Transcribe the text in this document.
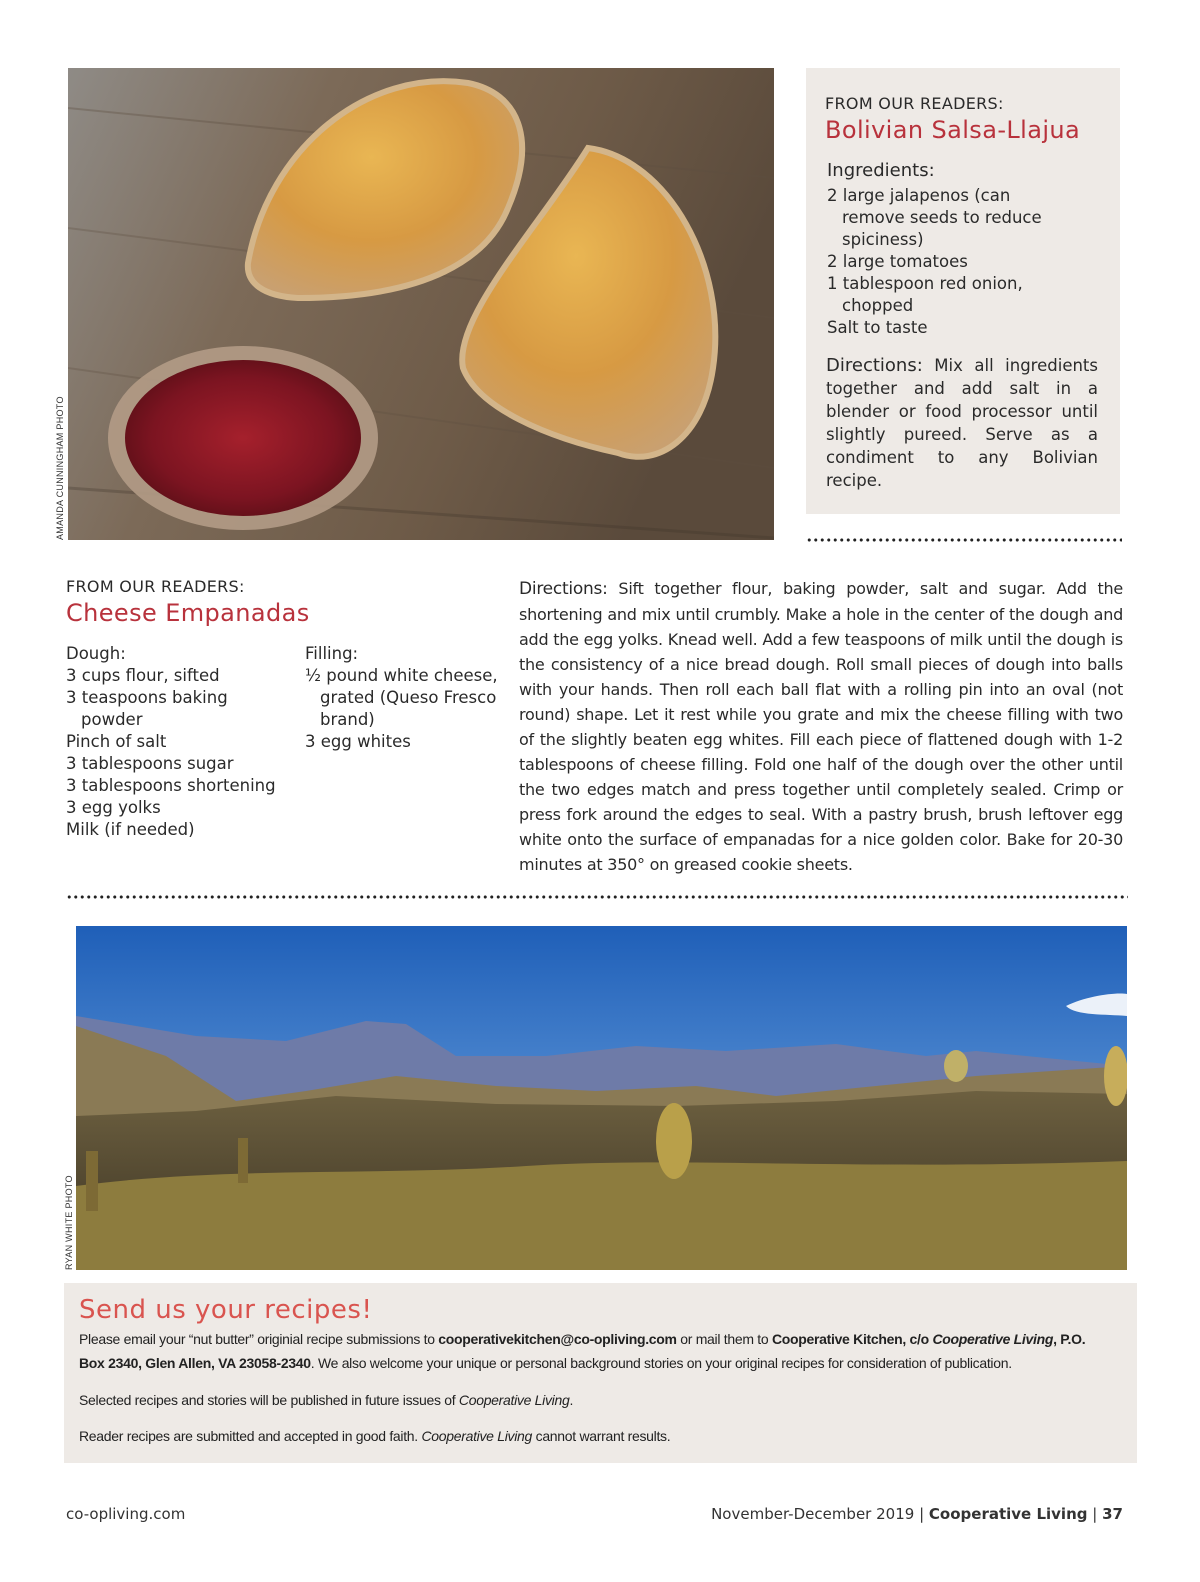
AMANDA CUNNINGHAM PHOTO
FROM OUR READERS:
Bolivian Salsa-Llajua
Ingredients:
2 large jalapenos (can remove seeds to reduce spiciness)
2 large tomatoes
1 tablespoon red onion, chopped
Salt to taste
Directions: Mix all ingredients together and add salt in a blender or food processor until slightly pureed. Serve as a condiment to any Bolivian recipe.
FROM OUR READERS:
Cheese Empanadas
Dough:
3 cups flour, sifted
3 teaspoons baking powder
Pinch of salt
3 tablespoons sugar
3 tablespoons shortening
3 egg yolks
Milk (if needed)
Filling:
½ pound white cheese, grated (Queso Fresco brand)
3 egg whites
Directions: Sift together flour, baking powder, salt and sugar. Add the shortening and mix until crumbly. Make a hole in the center of the dough and add the egg yolks. Knead well. Add a few teaspoons of milk until the dough is the consistency of a nice bread dough. Roll small pieces of dough into balls with your hands. Then roll each ball flat with a rolling pin into an oval (not round) shape. Let it rest while you grate and mix the cheese filling with two of the slightly beaten egg whites. Fill each piece of flattened dough with 1-2 tablespoons of cheese filling. Fold one half of the dough over the other until the two edges match and press together until completely sealed. Crimp or press fork around the edges to seal. With a pastry brush, brush leftover egg white onto the surface of empanadas for a nice golden color. Bake for 20-30 minutes at 350° on greased cookie sheets.
RYAN WHITE PHOTO
Send us your recipes!
Please email your “nut butter” originial recipe submissions to cooperativekitchen@co-opliving.com or mail them to Cooperative Kitchen, c/o Cooperative Living, P.O. Box 2340, Glen Allen, VA 23058-2340. We also welcome your unique or personal background stories on your original recipes for consideration of publication.
Selected recipes and stories will be published in future issues of Cooperative Living.
Reader recipes are submitted and accepted in good faith. Cooperative Living cannot warrant results.
co-opliving.com	November-December 2019 | Cooperative Living | 37
